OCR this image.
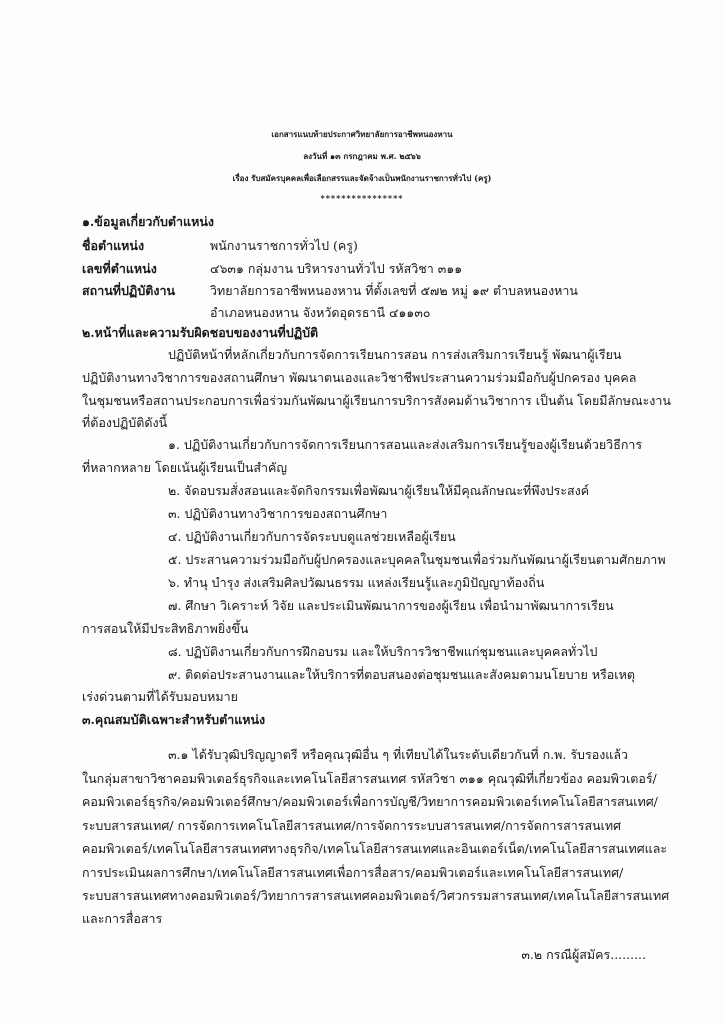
เอกสารแนบท้ายประกาศวิทยาลัยการอาชีพหนองหาน
ลงวันที่ ๑๓ กรกฎาคม พ.ศ. ๒๕๖๖
เรื่อง รับสมัครบุคคลเพื่อเลือกสรรและจัดจ้างเป็นพนักงานราชการทั่วไป (ครู)
****************
๑.ข้อมูลเกี่ยวกับตำแหน่ง
ชื่อตำแหน่ง	พนักงานราชการทั่วไป (ครู)
เลขที่ตำแหน่ง	๔๖๓๑ กลุ่มงาน บริหารงานทั่วไป รหัสวิชา ๓๑๑
สถานที่ปฏิบัติงาน	วิทยาลัยการอาชีพหนองหาน ที่ตั้งเลขที่ ๕๗๒ หมู่ ๑๙ ตำบลหนองหาน
อำเภอหนองหาน จังหวัดอุดรธานี ๔๑๑๓๐
๒.หน้าที่และความรับผิดชอบของงานที่ปฏิบัติ
ปฏิบัติหน้าที่หลักเกี่ยวกับการจัดการเรียนการสอน การส่งเสริมการเรียนรู้ พัฒนาผู้เรียน
ปฏิบัติงานทางวิชาการของสถานศึกษา พัฒนาตนเองและวิชาชีพประสานความร่วมมือกับผู้ปกครอง บุคคล
ในชุมชนหรือสถานประกอบการเพื่อร่วมกันพัฒนาผู้เรียนการบริการสังคมด้านวิชาการ เป็นต้น โดยมีลักษณะงาน
ที่ต้องปฏิบัติดังนี้
๑. ปฏิบัติงานเกี่ยวกับการจัดการเรียนการสอนและส่งเสริมการเรียนรู้ของผู้เรียนด้วยวิธีการ
ที่หลากหลาย โดยเน้นผู้เรียนเป็นสำคัญ
๒. จัดอบรมสั่งสอนและจัดกิจกรรมเพื่อพัฒนาผู้เรียนให้มีคุณลักษณะที่พึงประสงค์
๓. ปฏิบัติงานทางวิชาการของสถานศึกษา
๔. ปฏิบัติงานเกี่ยวกับการจัดระบบดูแลช่วยเหลือผู้เรียน
๕. ประสานความร่วมมือกับผู้ปกครองและบุคคลในชุมชนเพื่อร่วมกันพัฒนาผู้เรียนตามศักยภาพ
๖. ทำนุ บำรุง ส่งเสริมศิลปวัฒนธรรม แหล่งเรียนรู้และภูมิปัญญาท้องถิ่น
๗. ศึกษา วิเคราะห์ วิจัย และประเมินพัฒนาการของผู้เรียน เพื่อนำมาพัฒนาการเรียน
การสอนให้มีประสิทธิภาพยิ่งขึ้น
๘. ปฏิบัติงานเกี่ยวกับการฝึกอบรม และให้บริการวิชาชีพแก่ชุมชนและบุคคลทั่วไป
๙. ติดต่อประสานงานและให้บริการที่ตอบสนองต่อชุมชนและสังคมตามนโยบาย หรือเหตุ
เร่งด่วนตามที่ได้รับมอบหมาย
๓.คุณสมบัติเฉพาะสำหรับตำแหน่ง
๓.๑ ได้รับวุฒิปริญญาตรี หรือคุณวุฒิอื่น ๆ ที่เทียบได้ในระดับเดียวกันที่ ก.พ. รับรองแล้ว
ในกลุ่มสาขาวิชาคอมพิวเตอร์ธุรกิจและเทคโนโลยีสารสนเทศ รหัสวิชา ๓๑๑ คุณวุฒิที่เกี่ยวข้อง คอมพิวเตอร์/
คอมพิวเตอร์ธุรกิจ/คอมพิวเตอร์ศึกษา/คอมพิวเตอร์เพื่อการบัญชี/วิทยาการคอมพิวเตอร์เทคโนโลยีสารสนเทศ/
ระบบสารสนเทศ/ การจัดการเทคโนโลยีสารสนเทศ/การจัดการระบบสารสนเทศ/การจัดการสารสนเทศ
คอมพิวเตอร์/เทคโนโลยีสารสนเทศทางธุรกิจ/เทคโนโลยีสารสนเทศและอินเตอร์เน็ต/เทคโนโลยีสารสนเทศและ
การประเมินผลการศึกษา/เทคโนโลยีสารสนเทศเพื่อการสื่อสาร/คอมพิวเตอร์และเทคโนโลยีสารสนเทศ/
ระบบสารสนเทศทางคอมพิวเตอร์/วิทยาการสารสนเทศคอมพิวเตอร์/วิศวกรรมสารสนเทศ/เทคโนโลยีสารสนเทศ
และการสื่อสาร
๓.๒ กรณีผู้สมัคร.........
